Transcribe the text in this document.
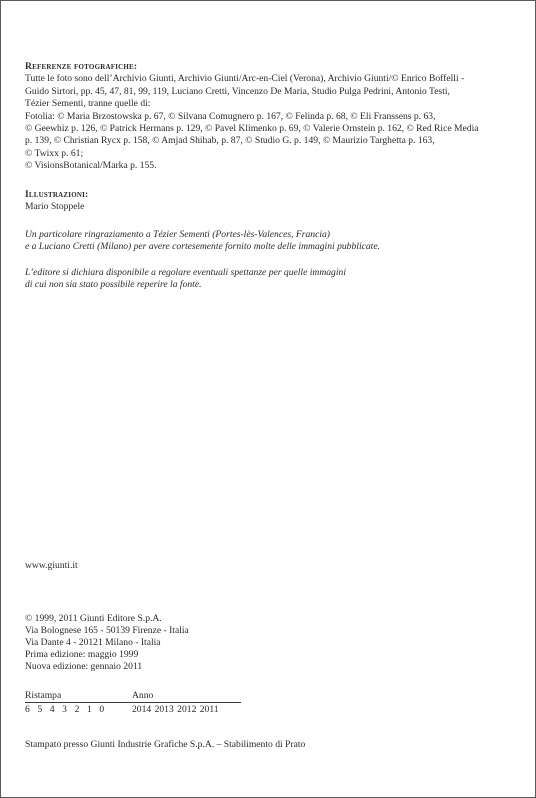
Referenze fotografiche:

Tutte le foto sono dell’Archivio Giunti, Archivio Giunti/Arc-en-Ciel (Verona), Archivio Giunti/© Enrico Boffelli -

Guido Sirtori, pp. 45, 47, 81, 99, 119, Luciano Cretti, Vincenzo De Maria, Studio Pulga Pedrini, Antonio Testi,

Tézier Sementi, tranne quelle di:

Fotolia: © Maria Brzostowska p. 67, © Silvana Comugnero p. 167, © Felinda p. 68, © Eli Franssens p. 63,

© Geewhiz p. 126, © Patrick Hermans p. 129, © Pavel Klimenko p. 69, © Valerie Ornstein p. 162, © Red Rice Media

p. 139, © Christian Rycx p. 158, © Amjad Shihab, p. 87, © Studio G. p. 149, © Maurizio Targhetta p. 163,

© Twixx p. 61;

© VisionsBotanical/Marka p. 155.

Illustrazioni:

Mario Stoppele

Un particolare ringraziamento a Tézier Sementi (Portes-lès-Valences, Francia)

e a Luciano Cretti (Milano) per avere cortesemente fornito molte delle immagini pubblicate.

L’editore si dichiara disponibile a regolare eventuali spettanze per quelle immagini

di cui non sia stato possibile reperire la fonte.

www.giunti.it

© 1999, 2011 Giunti Editore S.p.A.

Via Bolognese 165 - 50139 Firenze - Italia

Via Dante 4 - 20121 Milano - Italia

Prima edizione: maggio 1999

Nuova edizione: gennaio 2011

Ristampa	Anno
6 5 4 3 2 1 0	2014 2013 2012 2011
Stampato presso Giunti Industrie Grafiche S.p.A. – Stabilimento di Prato
